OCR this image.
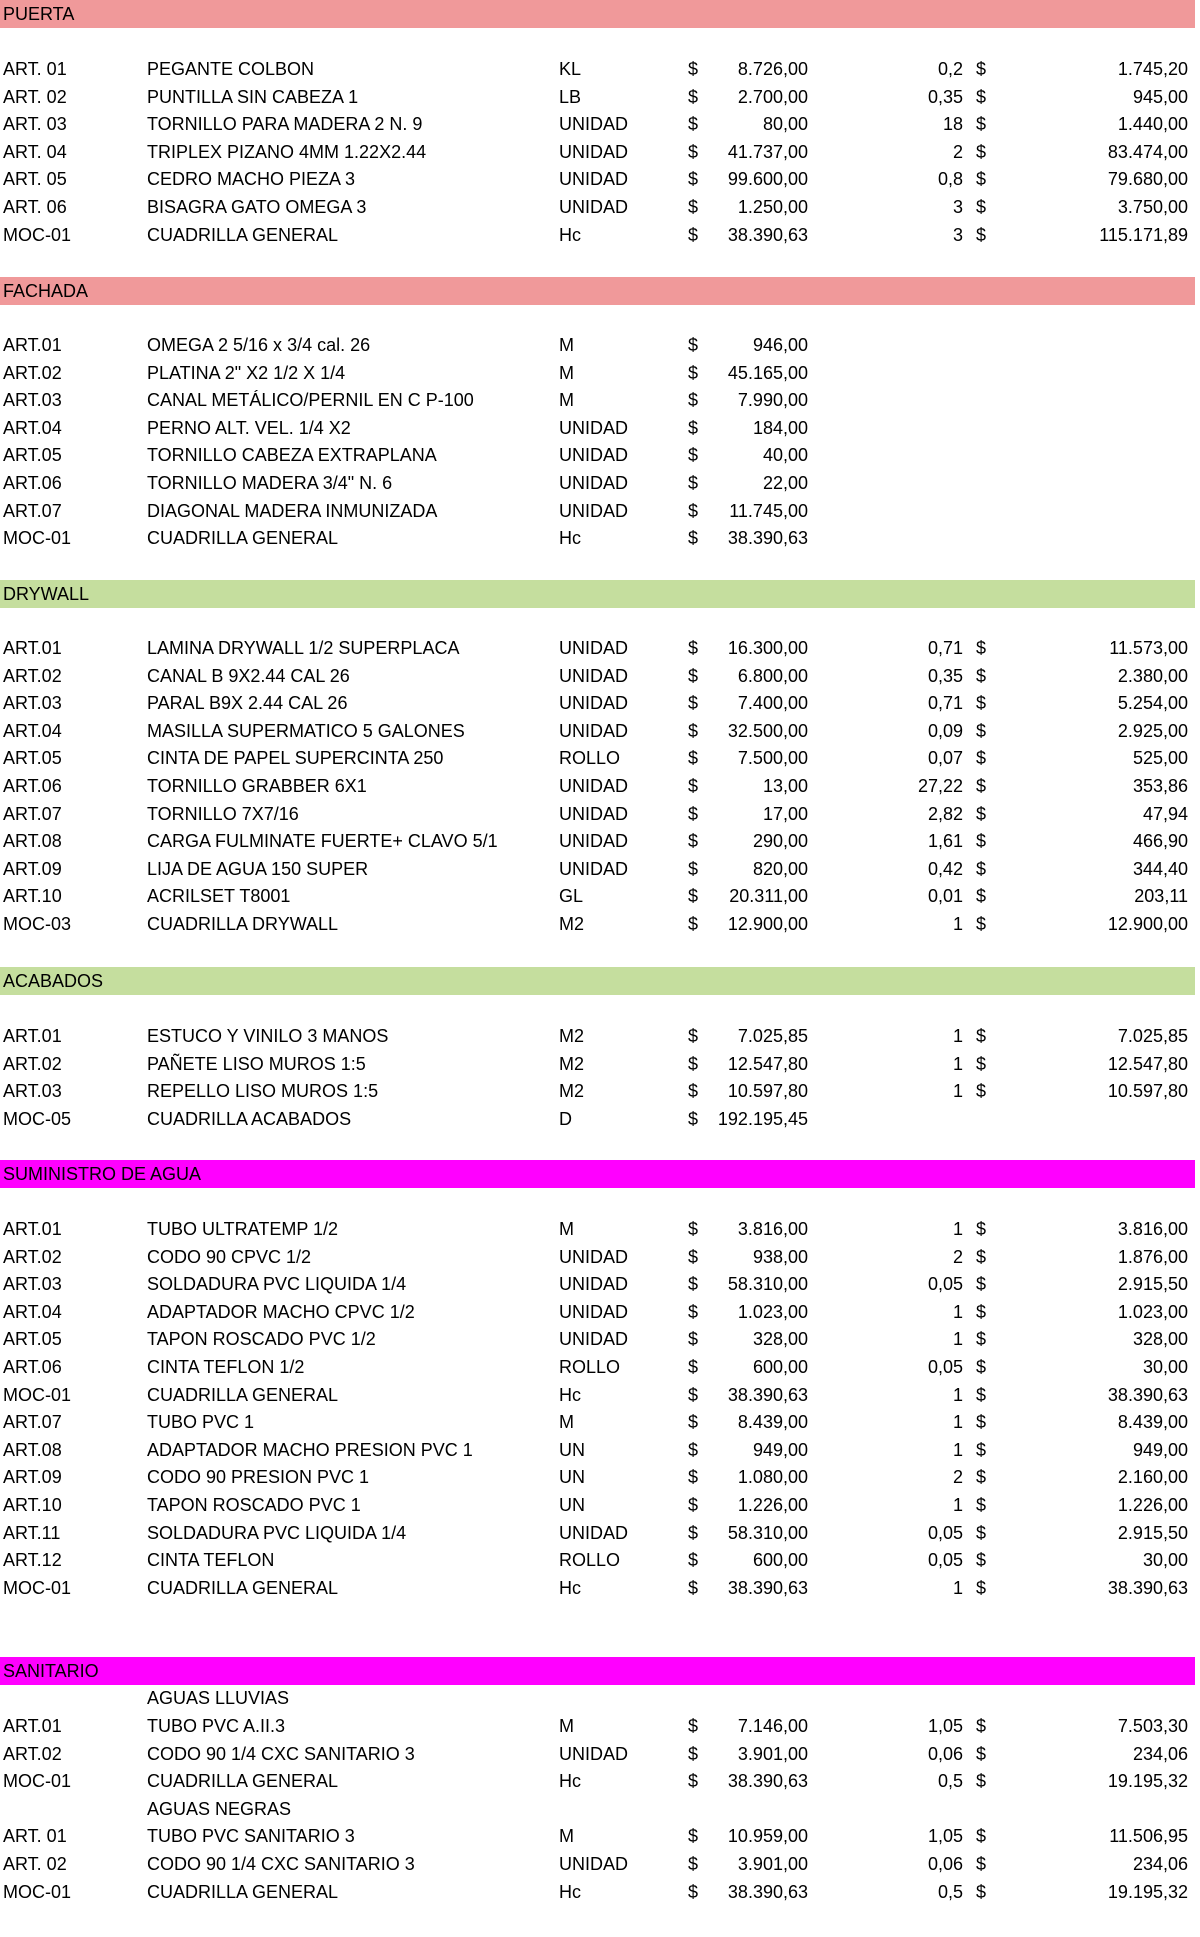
PUERTA
ART. 01	PEGANTE COLBON	KL	$ 8.726,00	0,2 $	1.745,20
ART. 02	PUNTILLA SIN CABEZA 1	LB	$ 2.700,00	0,35 $	945,00
ART. 03	TORNILLO PARA MADERA 2 N. 9	UNIDAD	$	80,00	18 $	1.440,00
ART. 04	TRIPLEX PIZANO 4MM 1.22X2.44	UNIDAD	$ 41.737,00	2 $	83.474,00
ART. 05	CEDRO MACHO PIEZA 3	UNIDAD	$ 99.600,00	0,8 $	79.680,00
ART. 06	BISAGRA GATO OMEGA 3	UNIDAD	$ 1.250,00	3 $	3.750,00
MOC-01	CUADRILLA GENERAL	Hc	$ 38.390,63	3 $	115.171,89
FACHADA
ART.01	OMEGA 2 5/16 x 3/4 cal. 26	M	$	946,00
ART.02	PLATINA 2" X2 1/2 X 1/4	M	$ 45.165,00
ART.03	CANAL METÁLICO/PERNIL EN C P-100	M	$ 7.990,00
ART.04	PERNO ALT. VEL. 1/4 X2	UNIDAD	$	184,00
ART.05	TORNILLO CABEZA EXTRAPLANA	UNIDAD	$	40,00
ART.06	TORNILLO MADERA 3/4" N. 6	UNIDAD	$	22,00
ART.07	DIAGONAL MADERA INMUNIZADA	UNIDAD	$ 11.745,00
MOC-01	CUADRILLA GENERAL	Hc	$ 38.390,63
DRYWALL
ART.01	LAMINA DRYWALL 1/2 SUPERPLACA	UNIDAD	$ 16.300,00	0,71 $	11.573,00
ART.02	CANAL B 9X2.44 CAL 26	UNIDAD	$ 6.800,00	0,35 $	2.380,00
ART.03	PARAL B9X 2.44 CAL 26	UNIDAD	$ 7.400,00	0,71 $	5.254,00
ART.04	MASILLA SUPERMATICO 5 GALONES	UNIDAD	$ 32.500,00	0,09 $	2.925,00
ART.05	CINTA DE PAPEL SUPERCINTA 250	ROLLO	$ 7.500,00	0,07 $	525,00
ART.06	TORNILLO GRABBER 6X1	UNIDAD	$	13,00	27,22 $	353,86
ART.07	TORNILLO 7X7/16	UNIDAD	$	17,00	2,82 $	47,94
ART.08	CARGA FULMINATE FUERTE+ CLAVO 5/1	UNIDAD	$	290,00	1,61 $	466,90
ART.09	LIJA DE AGUA 150 SUPER	UNIDAD	$	820,00	0,42 $	344,40
ART.10	ACRILSET T8001	GL	$ 20.311,00	0,01 $	203,11
MOC-03	CUADRILLA DRYWALL	M2	$ 12.900,00	1 $	12.900,00
ACABADOS
ART.01	ESTUCO Y VINILO 3 MANOS	M2	$ 7.025,85	1 $	7.025,85
ART.02	PAÑETE LISO MUROS 1:5	M2	$ 12.547,80	1 $	12.547,80
ART.03	REPELLO LISO MUROS 1:5	M2	$ 10.597,80	1 $	10.597,80
MOC-05	CUADRILLA ACABADOS	D	$ 192.195,45
SUMINISTRO DE AGUA
ART.01	TUBO ULTRATEMP 1/2	M	$ 3.816,00	1 $	3.816,00
ART.02	CODO 90 CPVC 1/2	UNIDAD	$	938,00	2 $	1.876,00
ART.03	SOLDADURA PVC LIQUIDA 1/4	UNIDAD	$ 58.310,00	0,05 $	2.915,50
ART.04	ADAPTADOR MACHO CPVC 1/2	UNIDAD	$ 1.023,00	1 $	1.023,00
ART.05	TAPON ROSCADO PVC 1/2	UNIDAD	$	328,00	1 $	328,00
ART.06	CINTA TEFLON 1/2	ROLLO	$	600,00	0,05 $	30,00
MOC-01	CUADRILLA GENERAL	Hc	$ 38.390,63	1 $	38.390,63
ART.07	TUBO PVC 1	M	$ 8.439,00	1 $	8.439,00
ART.08	ADAPTADOR MACHO PRESION PVC 1	UN	$	949,00	1 $	949,00
ART.09	CODO 90 PRESION PVC 1	UN	$ 1.080,00	2 $	2.160,00
ART.10	TAPON ROSCADO PVC 1	UN	$ 1.226,00	1 $	1.226,00
ART.11	SOLDADURA PVC LIQUIDA 1/4	UNIDAD	$ 58.310,00	0,05 $	2.915,50
ART.12	CINTA TEFLON	ROLLO	$	600,00	0,05 $	30,00
MOC-01	CUADRILLA GENERAL	Hc	$ 38.390,63	1 $	38.390,63
SANITARIO
AGUAS LLUVIAS
ART.01	TUBO PVC A.II.3	M	$ 7.146,00	1,05 $	7.503,30
ART.02	CODO 90 1/4 CXC SANITARIO 3	UNIDAD	$ 3.901,00	0,06 $	234,06
MOC-01	CUADRILLA GENERAL	Hc	$ 38.390,63	0,5 $	19.195,32
AGUAS NEGRAS
ART. 01	TUBO PVC SANITARIO 3	M	$ 10.959,00	1,05 $	11.506,95
ART. 02	CODO 90 1/4 CXC SANITARIO 3	UNIDAD	$ 3.901,00	0,06 $	234,06
MOC-01	CUADRILLA GENERAL	Hc	$ 38.390,63	0,5 $	19.195,32
